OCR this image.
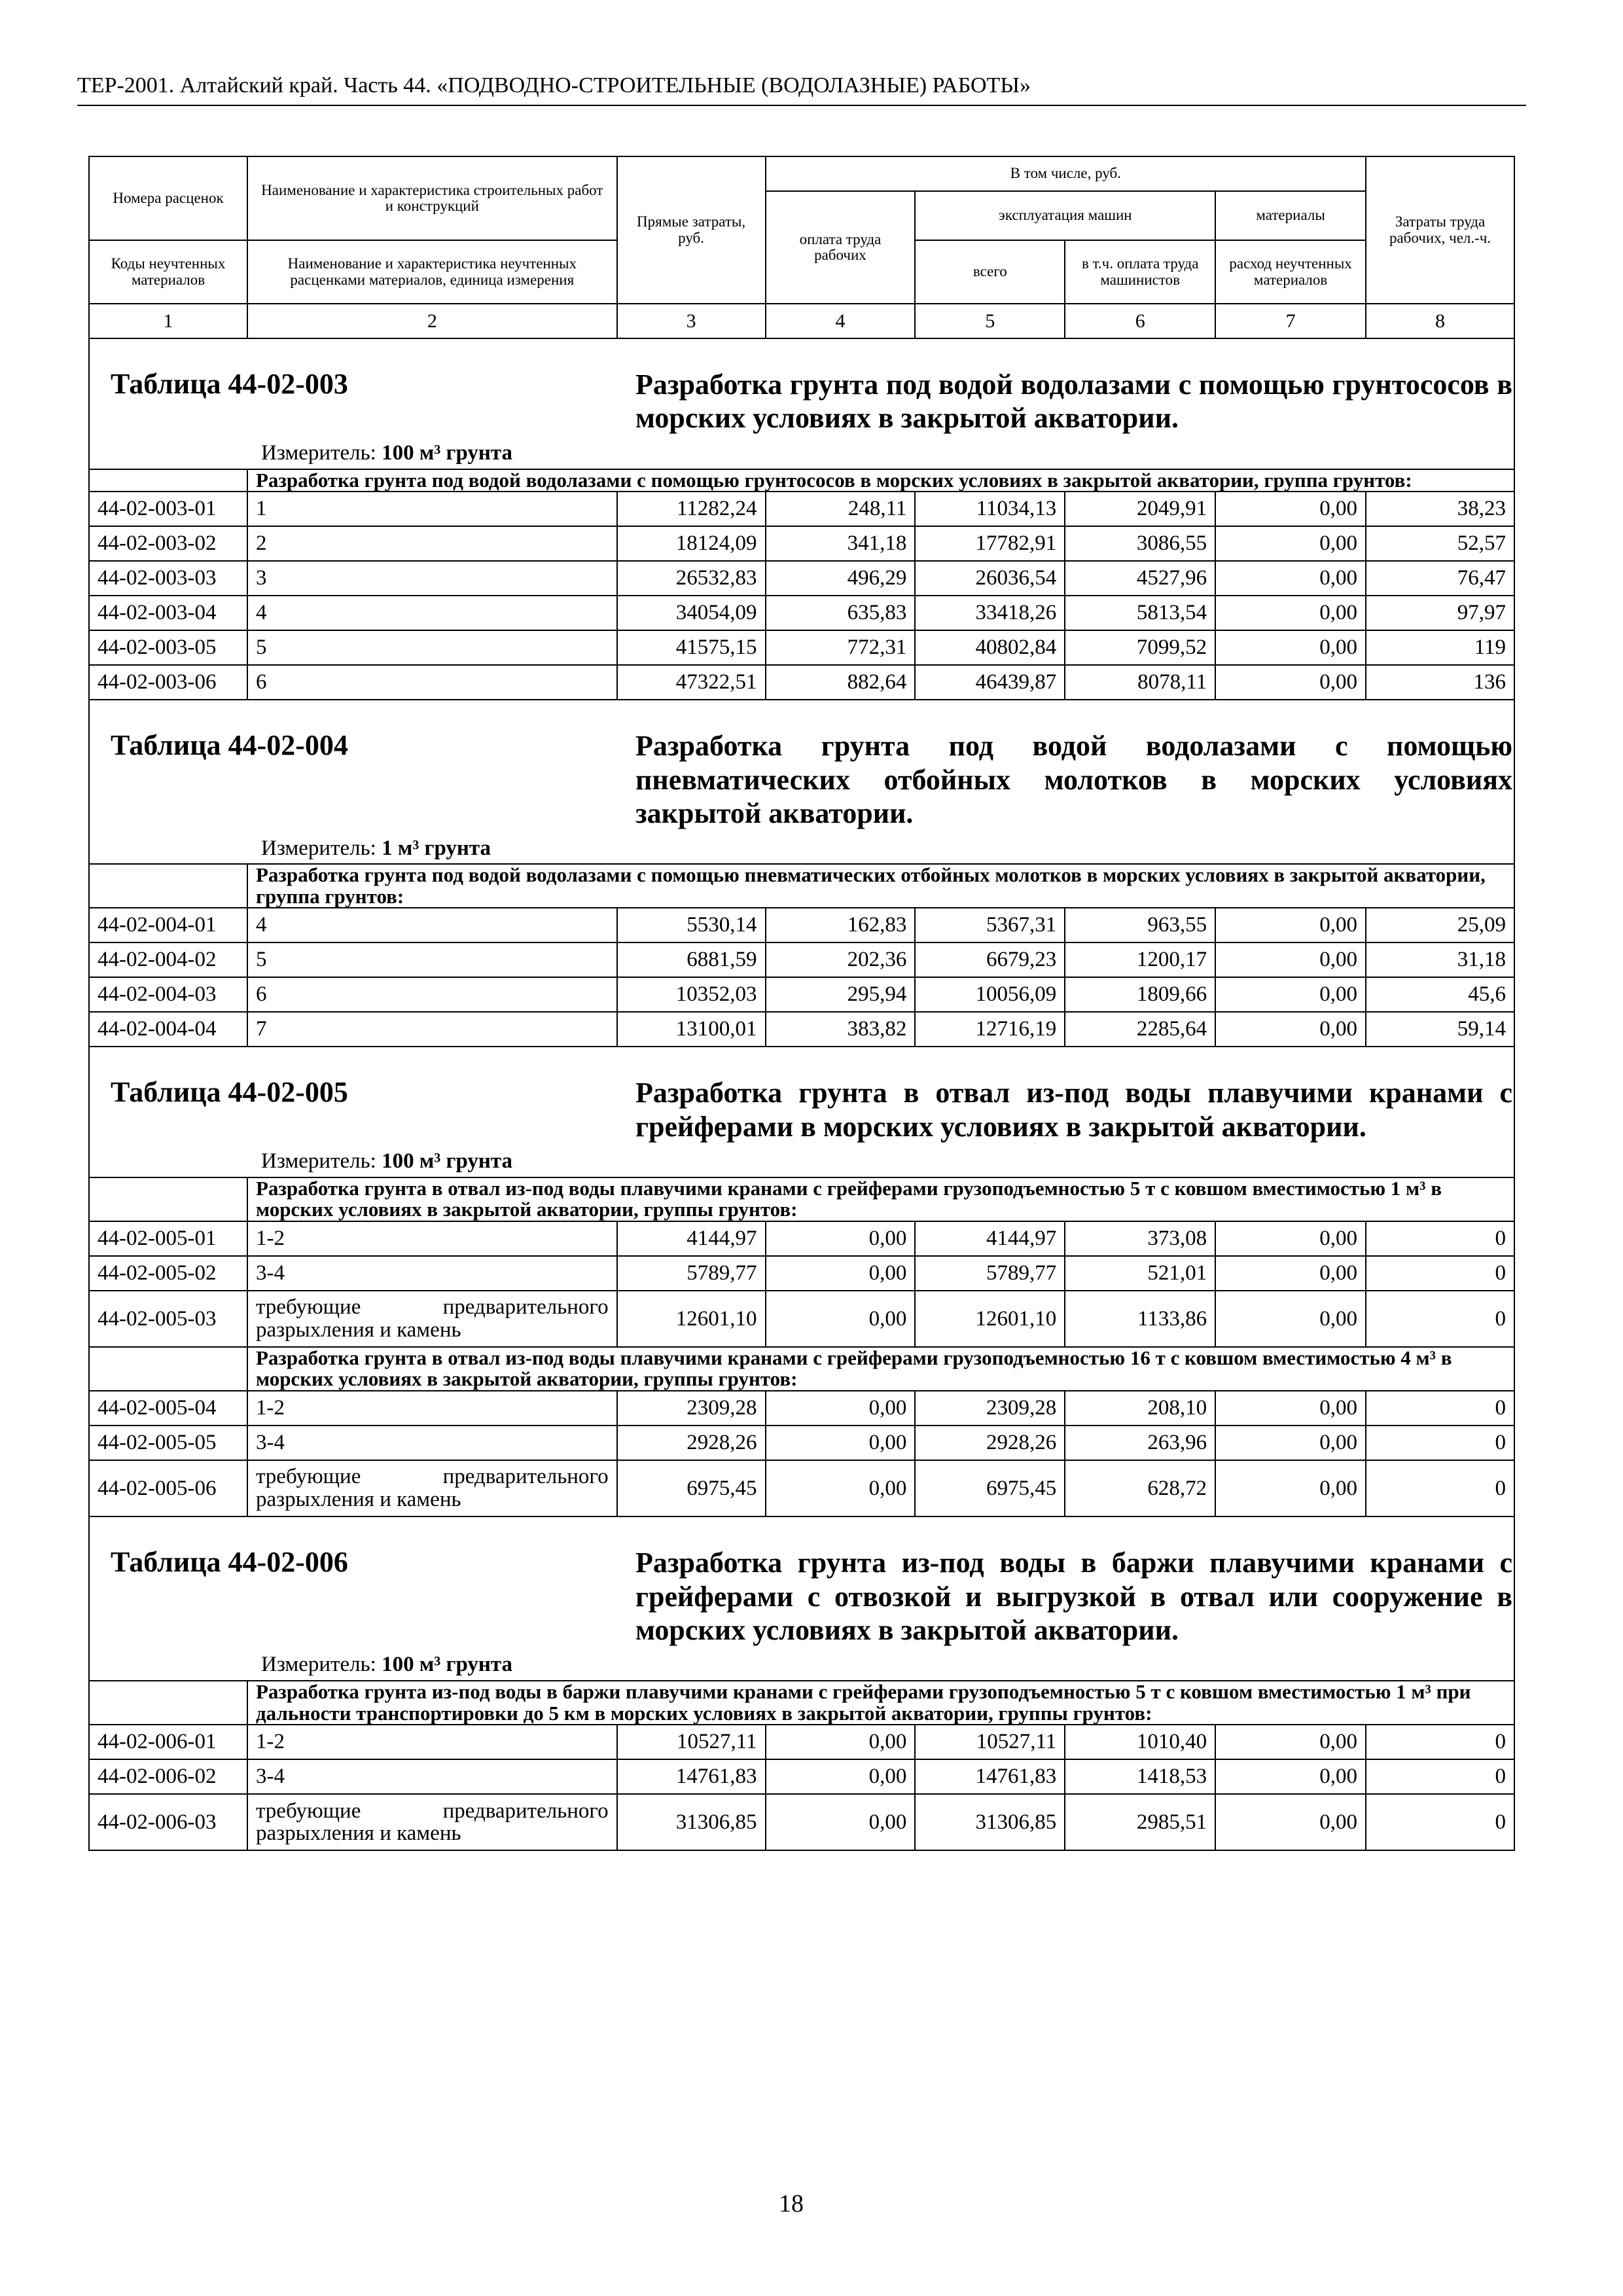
ТЕР-2001. Алтайский край. Часть 44. «ПОДВОДНО-СТРОИТЕЛЬНЫЕ (ВОДОЛАЗНЫЕ) РАБОТЫ»
Номера расценок	Наименование и характеристика строительных работ и конструкций	Прямые затраты, руб.	В том числе, руб.				Затраты труда рабочих, чел.-ч.
			оплата труда рабочих	эксплуатация машин		материалы	
Коды неучтенных материалов	Наименование и характеристика неучтенных расценками материалов, единица измерения			всего	в т.ч. оплата труда машинистов	расход неучтенных материалов	
1	2	3	4	5	6	7	8

Таблица 44-02-003 Разработка грунта под водой водолазами с помощью грунтососов в морских условиях в закрытой акватории.
Измеритель: 100 м³ грунта							

	Разработка грунта под водой водолазами с помощью грунтососов в морских условиях в закрытой акватории, группа грунтов:						
44-02-003-01	1	11282,24	248,11	11034,13	2049,91	0,00	38,23
44-02-003-02	2	18124,09	341,18	17782,91	3086,55	0,00	52,57
44-02-003-03	3	26532,83	496,29	26036,54	4527,96	0,00	76,47
44-02-003-04	4	34054,09	635,83	33418,26	5813,54	0,00	97,97
44-02-003-05	5	41575,15	772,31	40802,84	7099,52	0,00	119
44-02-003-06	6	47322,51	882,64	46439,87	8078,11	0,00	136

Таблица 44-02-004 Разработка грунта под водой водолазами с помощью пневматических отбойных молотков в морских условиях закрытой акватории.
Измеритель: 1 м³ грунта							

	Разработка грунта под водой водолазами с помощью пневматических отбойных молотков в морских условиях в закрытой акватории, группа грунтов:						
44-02-004-01	4	5530,14	162,83	5367,31	963,55	0,00	25,09
44-02-004-02	5	6881,59	202,36	6679,23	1200,17	0,00	31,18
44-02-004-03	6	10352,03	295,94	10056,09	1809,66	0,00	45,6
44-02-004-04	7	13100,01	383,82	12716,19	2285,64	0,00	59,14

Таблица 44-02-005 Разработка грунта в отвал из-под воды плавучими кранами с грейферами в морских условиях в закрытой акватории.
Измеритель: 100 м³ грунта							

	Разработка грунта в отвал из-под воды плавучими кранами с грейферами грузоподъемностью 5 т с ковшом вместимостью 1 м³ в морских условиях в закрытой акватории, группы грунтов:						
44-02-005-01	1-2	4144,97	0,00	4144,97	373,08	0,00	0
44-02-005-02	3-4	5789,77	0,00	5789,77	521,01	0,00	0
44-02-005-03	требующие предварительного разрыхления и камень	12601,10	0,00	12601,10	1133,86	0,00	0
	Разработка грунта в отвал из-под воды плавучими кранами с грейферами грузоподъемностью 16 т с ковшом вместимостью 4 м³ в морских условиях в закрытой акватории, группы грунтов:						
44-02-005-04	1-2	2309,28	0,00	2309,28	208,10	0,00	0
44-02-005-05	3-4	2928,26	0,00	2928,26	263,96	0,00	0
44-02-005-06	требующие предварительного разрыхления и камень	6975,45	0,00	6975,45	628,72	0,00	0

Таблица 44-02-006 Разработка грунта из-под воды в баржи плавучими кранами с грейферами с отвозкой и выгрузкой в отвал или сооружение в морских условиях в закрытой акватории.
Измеритель: 100 м³ грунта							

	Разработка грунта из-под воды в баржи плавучими кранами с грейферами грузоподъемностью 5 т с ковшом вместимостью 1 м³ при дальности транспортировки до 5 км в морских условиях в закрытой акватории, группы грунтов:						
44-02-006-01	1-2	10527,11	0,00	10527,11	1010,40	0,00	0
44-02-006-02	3-4	14761,83	0,00	14761,83	1418,53	0,00	0
44-02-006-03	требующие предварительного разрыхления и камень	31306,85	0,00	31306,85	2985,51	0,00	0
18
